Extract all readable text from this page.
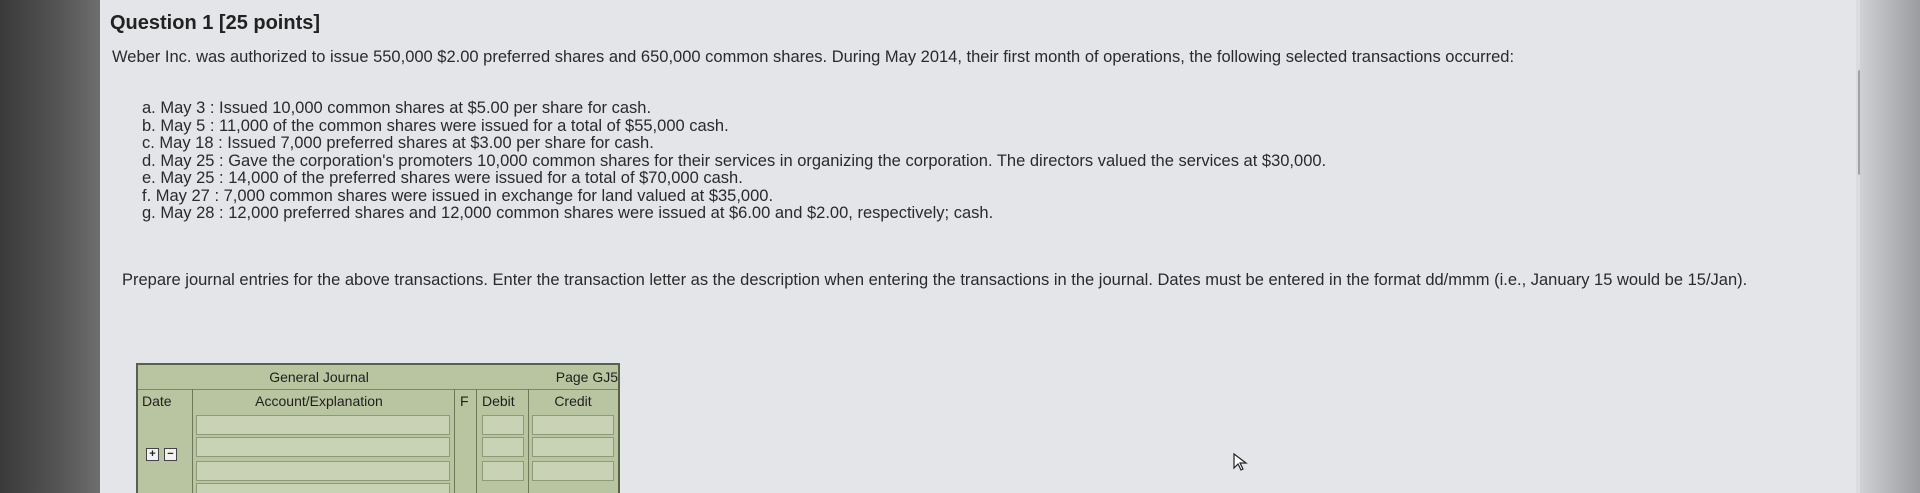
Question 1 [25 points]
Weber Inc. was authorized to issue 550,000 $2.00 preferred shares and 650,000 common shares. During May 2014, their first month of operations, the following selected transactions occurred:
a. May 3 : Issued 10,000 common shares at $5.00 per share for cash.
b. May 5 : 11,000 of the common shares were issued for a total of $55,000 cash.
c. May 18 : Issued 7,000 preferred shares at $3.00 per share for cash.
d. May 25 : Gave the corporation's promoters 10,000 common shares for their services in organizing the corporation. The directors valued the services at $30,000.
e. May 25 : 14,000 of the preferred shares were issued for a total of $70,000 cash.
f. May 27 : 7,000 common shares were issued in exchange for land valued at $35,000.
g. May 28 : 12,000 preferred shares and 12,000 common shares were issued at $6.00 and $2.00, respectively; cash.
Prepare journal entries for the above transactions. Enter the transaction letter as the description when entering the transactions in the journal. Dates must be entered in the format dd/mmm (i.e., January 15 would be 15/Jan).
General Journal	Page GJ5
Date	Account/Explanation	F Debit	Credit
+ −
